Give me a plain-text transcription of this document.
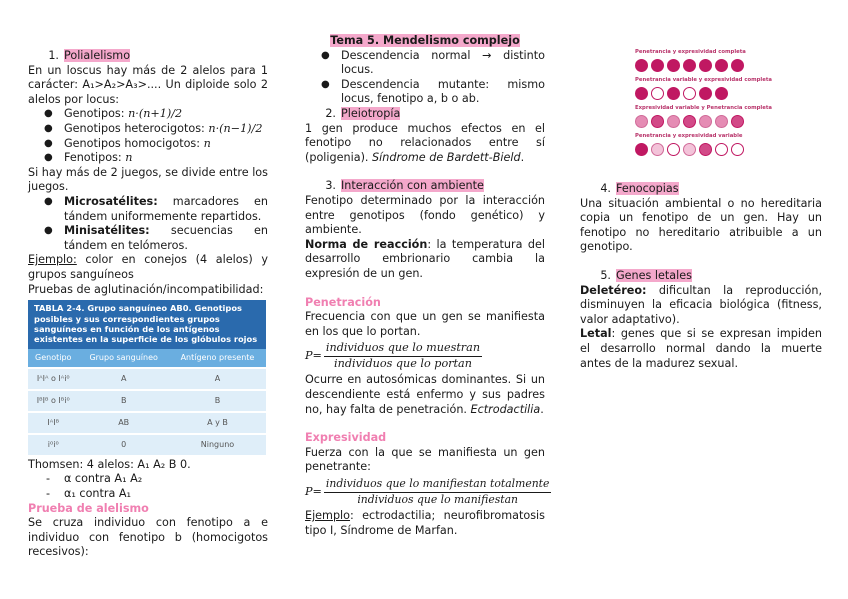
1. Polialelismo

En un loscus hay más de 2 alelos para 1 carácter: A₁>A₂>A₃>.... Un diploide solo 2 alelos por locus:

● Genotipos: n·(n+1)/2
● Genotipos heterocigotos: n·(n−1)/2
● Genotipos homocigotos: n
● Fenotipos: n

Si hay más de 2 juegos, se divide entre los juegos.

● Microsatélites: marcadores en tándem uniformemente repartidos.

● Minisatélites: secuencias en tándem en telómeros.

Ejemplo: color en conejos (4 alelos) y grupos sanguíneos

Pruebas de aglutinación/incompatibilidad:

TABLA 2-4. Grupo sanguíneo AB0. Genotipos posibles y sus correspondientes grupos sanguíneos en función de los antígenos existentes en la superficie de los glóbulos rojos
Genotipo	Grupo sanguíneo	Antígeno presente
IᴬIᴬ o Iᴬi⁰	A	A
IᴮIᴮ o Iᴮi⁰	B	B
IᴬIᴮ	AB	A y B
i⁰i⁰	0	Ninguno

Thomsen: 4 alelos: A₁ A₂ B 0.

- α contra A₁ A₂
- α₁ contra A₁
Prueba de alelismo

Se cruza individuo con fenotipo a e individuo con fenotipo b (homocigotos recesivos):

Tema 5. Mendelismo complejo

● Descendencia normal → distinto locus.

● Descendencia mutante: mismo locus, fenotipo a, b o ab.

2. Pleiotropía

1 gen produce muchos efectos en el fenotipo no relacionados entre sí (poligenia). Síndrome de Bardett-Bield.

3. Interacción con ambiente

Fenotipo determinado por la interacción entre genotipos (fondo genético) y ambiente.

Norma de reacción: la temperatura del desarrollo embrionario cambia la expresión de un gen.

Penetración

Frecuencia con que un gen se manifiesta en los que lo portan.

P=
individuos que lo muestran
individuos que lo portan

Ocurre en autosómicas dominantes. Si un descendiente está enfermo y sus padres no, hay falta de penetración. Ectrodactilia.

Expresividad

Fuerza con la que se manifiesta un gen penetrante:

P=
individuos que lo manifiestan totalmente
individuos que lo manifiestan

Ejemplo: ectrodactilia; neurofibromatosis tipo I, Síndrome de Marfan.

Penetrancia y expresividad completa
Penetrancia variable y expresividad completa
Expresividad variable y Penetrancia completa
Penetrancia y expresividad variable
4. Fenocopias

Una situación ambiental o no hereditaria copia un fenotipo de un gen. Hay un fenotipo no hereditario atribuible a un genotipo.

5. Genes letales

Deletéreo: dificultan la reproducción, disminuyen la eficacia biológica (fitness, valor adaptativo).

Letal: genes que si se expresan impiden el desarrollo normal dando la muerte antes de la madurez sexual.
